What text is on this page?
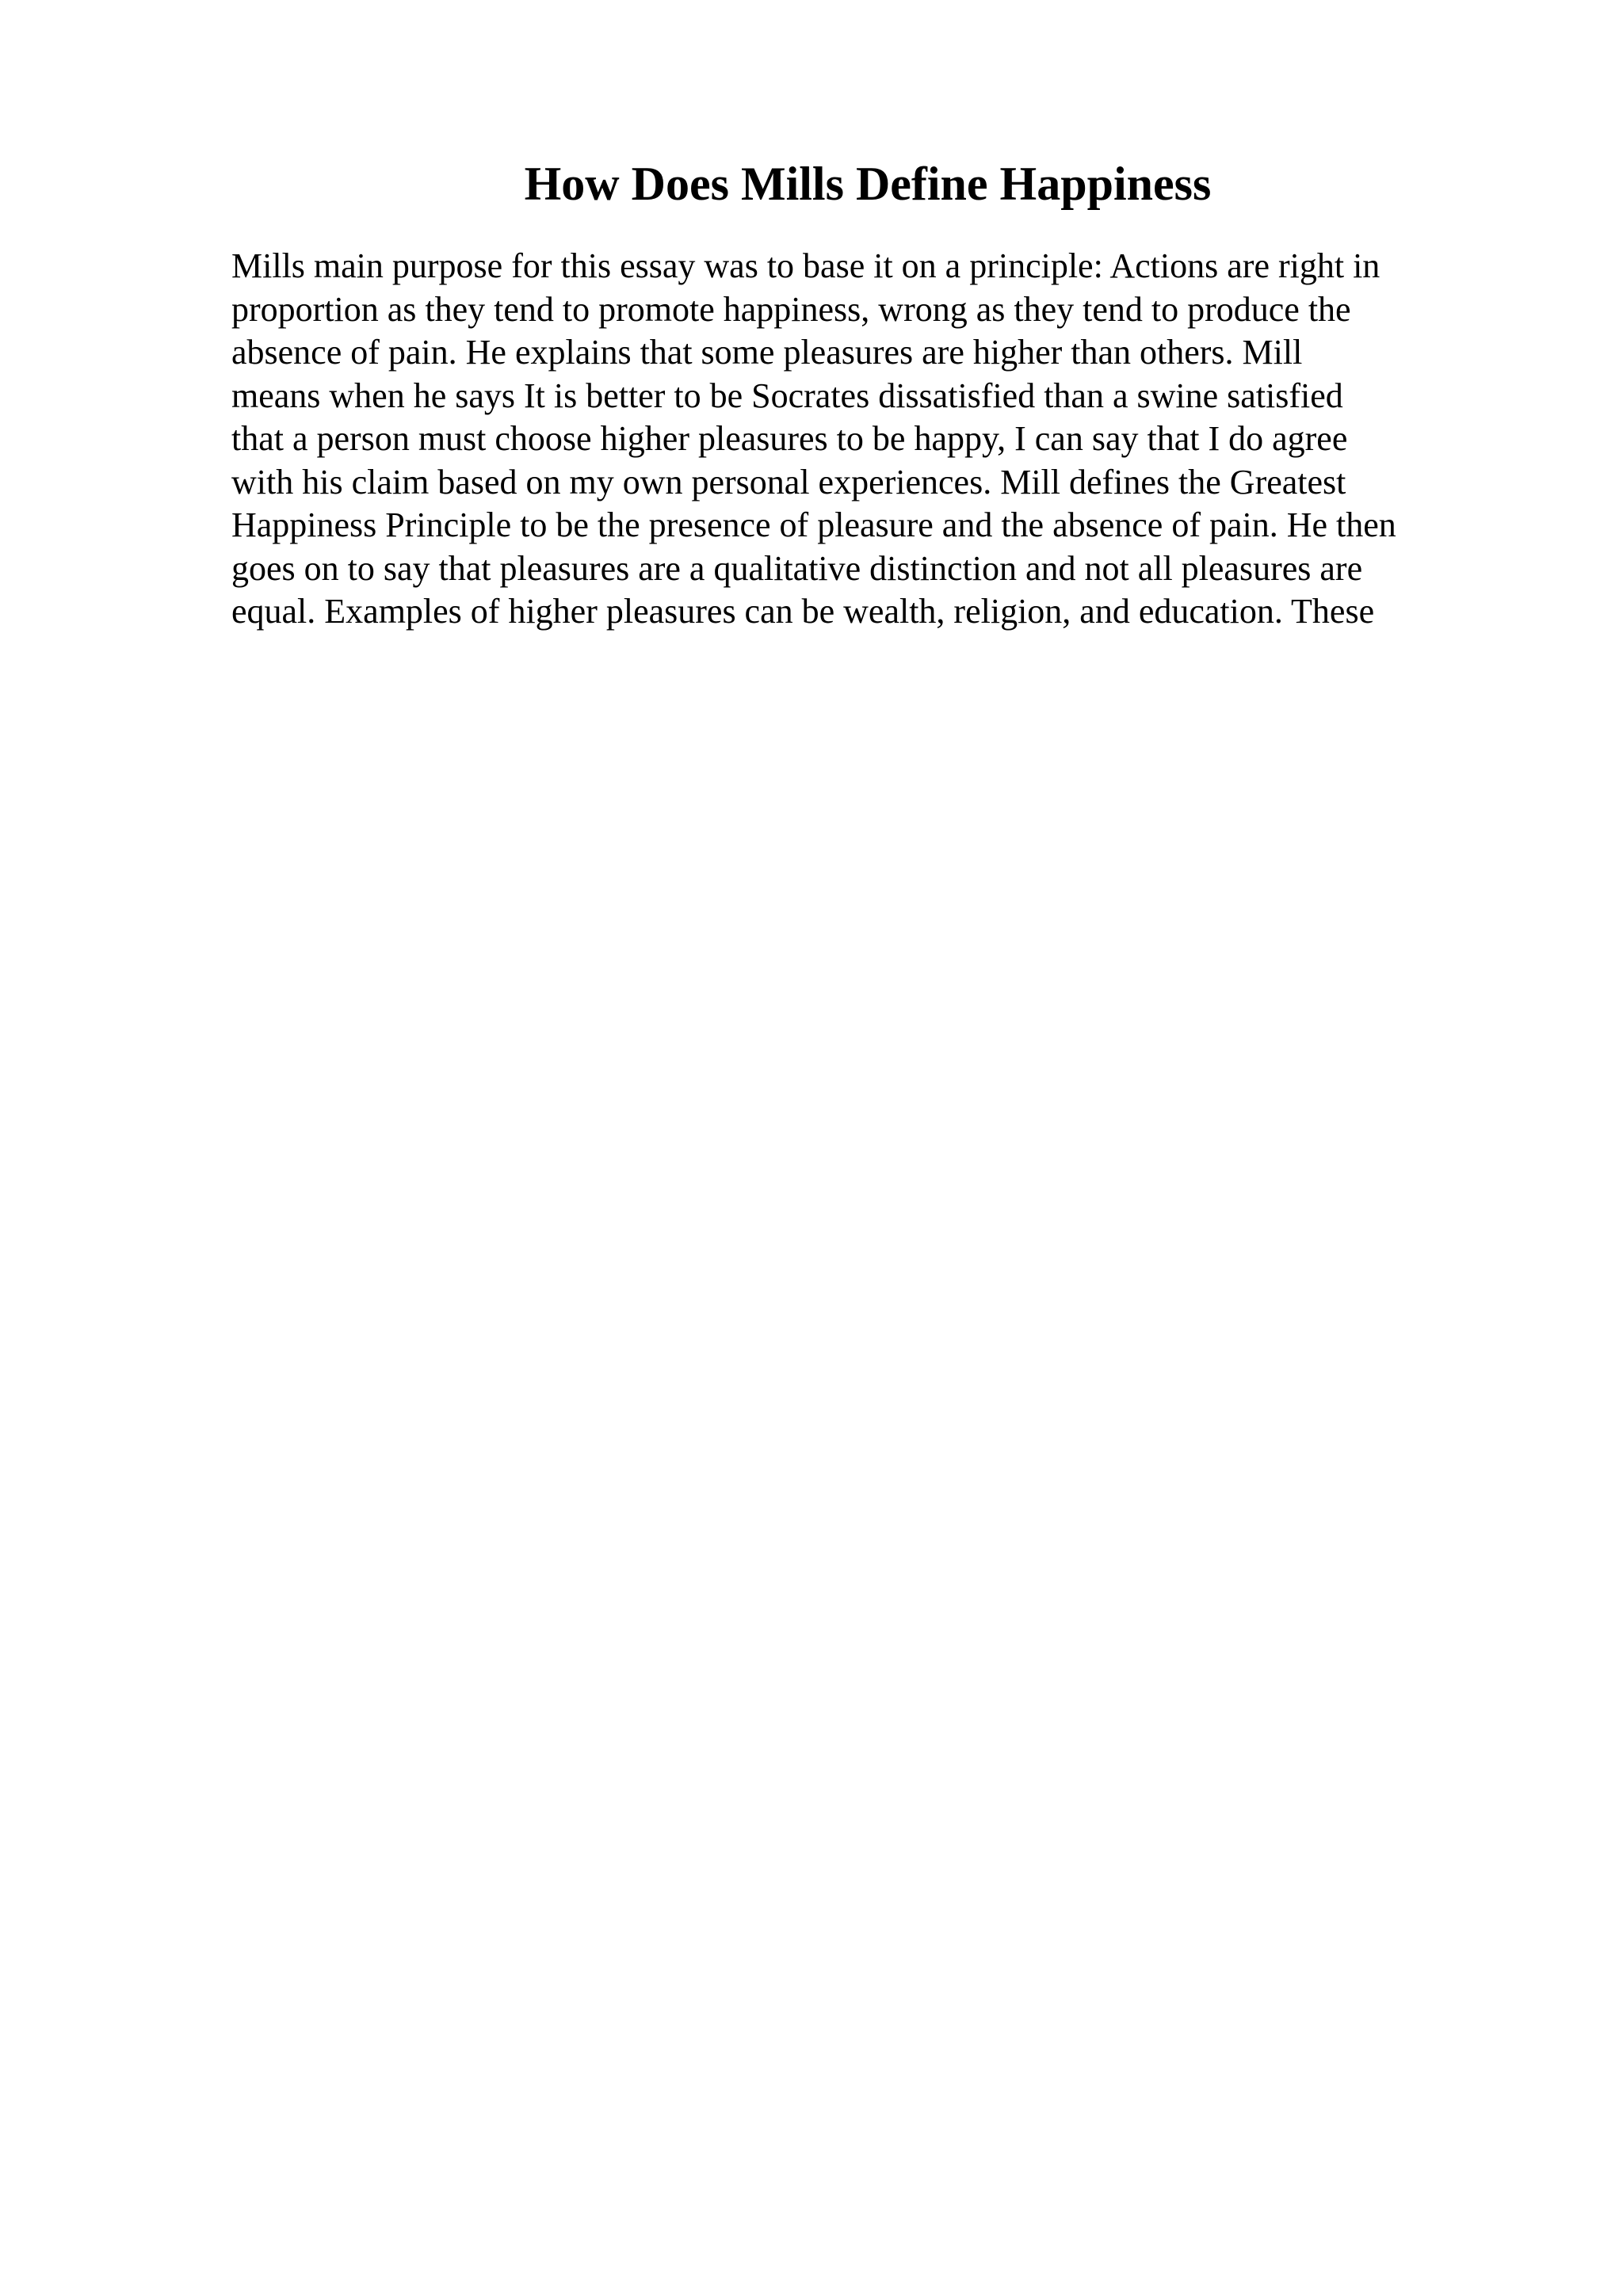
How Does Mills Define Happiness
Mills main purpose for this essay was to base it on a principle: Actions are right in
proportion as they tend to promote happiness, wrong as they tend to produce the
absence of pain. He explains that some pleasures are higher than others. Mill
means when he says It is better to be Socrates dissatisfied than a swine satisfied
that a person must choose higher pleasures to be happy, I can say that I do agree
with his claim based on my own personal experiences. Mill defines the Greatest
Happiness Principle to be the presence of pleasure and the absence of pain. He then
goes on to say that pleasures are a qualitative distinction and not all pleasures are
equal. Examples of higher pleasures can be wealth, religion, and education. These
